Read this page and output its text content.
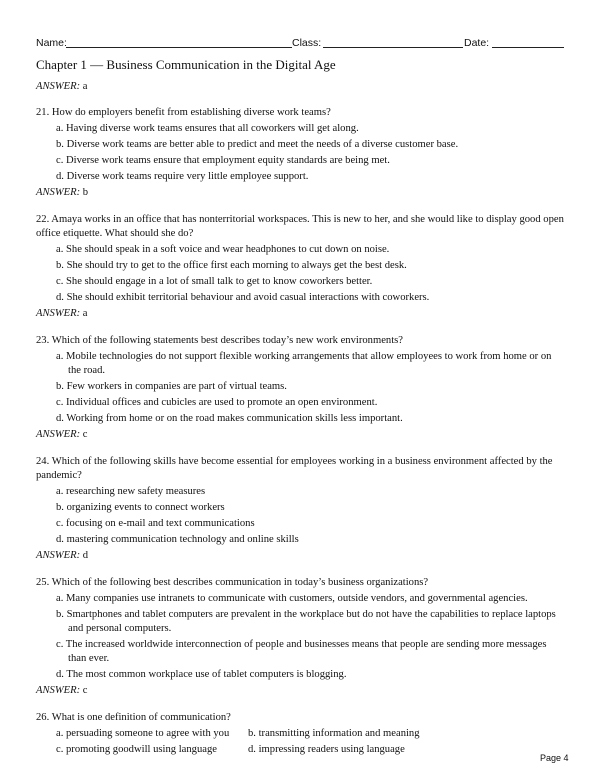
Name:	Class:	Date:
Chapter 1 — Business Communication in the Digital Age
ANSWER: a
21. How do employers benefit from establishing diverse work teams?
a. Having diverse work teams ensures that all coworkers will get along.
b. Diverse work teams are better able to predict and meet the needs of a diverse customer base.
c. Diverse work teams ensure that employment equity standards are being met.
d. Diverse work teams require very little employee support.
ANSWER: b
22. Amaya works in an office that has nonterritorial workspaces. This is new to her, and she would like to display good open office etiquette. What should she do?
a. She should speak in a soft voice and wear headphones to cut down on noise.
b. She should try to get to the office first each morning to always get the best desk.
c. She should engage in a lot of small talk to get to know coworkers better.
d. She should exhibit territorial behaviour and avoid casual interactions with coworkers.
ANSWER: a
23. Which of the following statements best describes today’s new work environments?
a. Mobile technologies do not support flexible working arrangements that allow employees to work from home or on the road.
b. Few workers in companies are part of virtual teams.
c. Individual offices and cubicles are used to promote an open environment.
d. Working from home or on the road makes communication skills less important.
ANSWER: c
24. Which of the following skills have become essential for employees working in a business environment affected by the pandemic?
a. researching new safety measures
b. organizing events to connect workers
c. focusing on e-mail and text communications
d. mastering communication technology and online skills
ANSWER: d
25. Which of the following best describes communication in today’s business organizations?
a. Many companies use intranets to communicate with customers, outside vendors, and governmental agencies.
b. Smartphones and tablet computers are prevalent in the workplace but do not have the capabilities to replace laptops and personal computers.
c. The increased worldwide interconnection of people and businesses means that people are sending more messages than ever.
d. The most common workplace use of tablet computers is blogging.
ANSWER: c
26. What is one definition of communication?
a. persuading someone to agree with you	b. transmitting information and meaning
c. promoting goodwill using language	d. impressing readers using language
Page 4
